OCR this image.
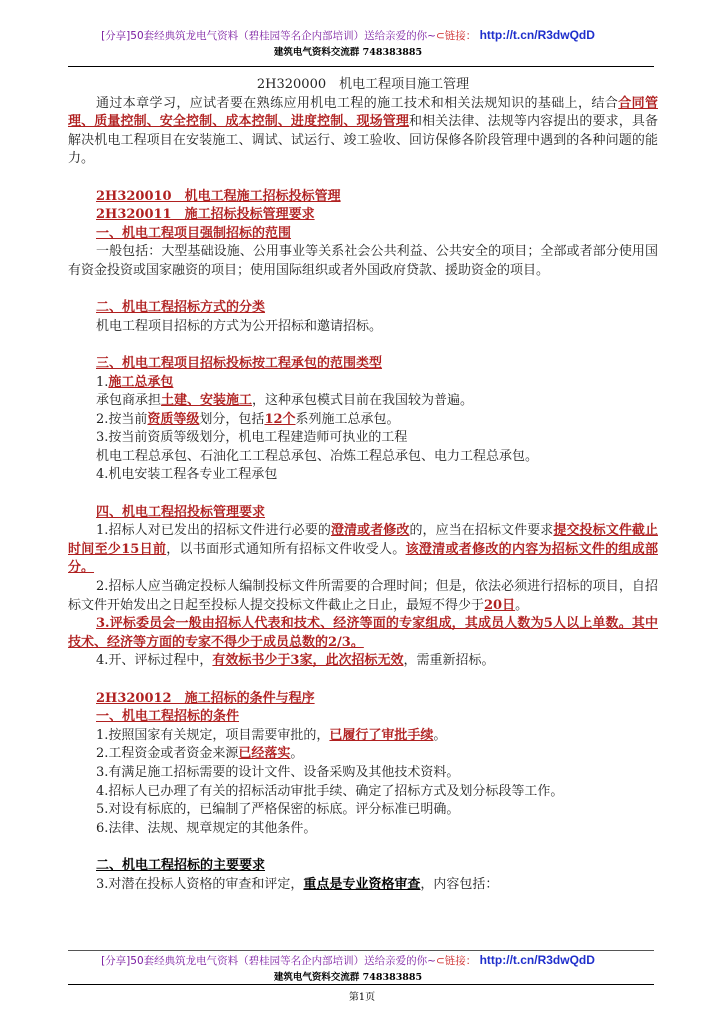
[分享]50套经典筑龙电气资料（碧桂园等名企内部培训）送给亲爱的你~⊂链接： http://t.cn/R3dwQdD
建筑电气资料交流群 748383885

2H320000　机电工程项目施工管理

通过本章学习，应试者要在熟练应用机电工程的施工技术和相关法规知识的基础上，结合合同管理、质量控制、安全控制、成本控制、进度控制、现场管理和相关法律、法规等内容提出的要求，具备解决机电工程项目在安装施工、调试、试运行、竣工验收、回访保修各阶段管理中遇到的各种问题的能力。

2H320010　机电工程施工招标投标管理

2H320011　施工招标投标管理要求

一、机电工程项目强制招标的范围

一般包括：大型基础设施、公用事业等关系社会公共利益、公共安全的项目；全部或者部分使用国有资金投资或国家融资的项目；使用国际组织或者外国政府贷款、援助资金的项目。

二、机电工程招标方式的分类

机电工程项目招标的方式为公开招标和邀请招标。

三、机电工程项目招标投标按工程承包的范围类型

1.施工总承包

承包商承担土建、安装施工，这种承包模式目前在我国较为普遍。

2.按当前资质等级划分，包括12个系列施工总承包。

3.按当前资质等级划分，机电工程建造师可执业的工程

机电工程总承包、石油化工工程总承包、冶炼工程总承包、电力工程总承包。

4.机电安装工程各专业工程承包

四、机电工程招投标管理要求

1.招标人对已发出的招标文件进行必要的澄清或者修改的，应当在招标文件要求提交投标文件截止时间至少15日前，以书面形式通知所有招标文件收受人。该澄清或者修改的内容为招标文件的组成部分。

2.招标人应当确定投标人编制投标文件所需要的合理时间；但是，依法必须进行招标的项目，自招标文件开始发出之日起至投标人提交投标文件截止之日止，最短不得少于20日。

3.评标委员会一般由招标人代表和技术、经济等面的专家组成，其成员人数为5人以上单数。其中技术、经济等方面的专家不得少于成员总数的2/3。

4.开、评标过程中，有效标书少于3家，此次招标无效，需重新招标。

2H320012　施工招标的条件与程序

一、机电工程招标的条件

1.按照国家有关规定，项目需要审批的，已履行了审批手续。

2.工程资金或者资金来源已经落实。

3.有满足施工招标需要的设计文件、设备采购及其他技术资料。

4.招标人已办理了有关的招标活动审批手续、确定了招标方式及划分标段等工作。

5.对设有标底的，已编制了严格保密的标底。评分标准已明确。

6.法律、法规、规章规定的其他条件。

二、机电工程招标的主要要求

3.对潜在投标人资格的审查和评定，重点是专业资格审查，内容包括：

[分享]50套经典筑龙电气资料（碧桂园等名企内部培训）送给亲爱的你~⊂链接： http://t.cn/R3dwQdD
建筑电气资料交流群 748383885
第1页
